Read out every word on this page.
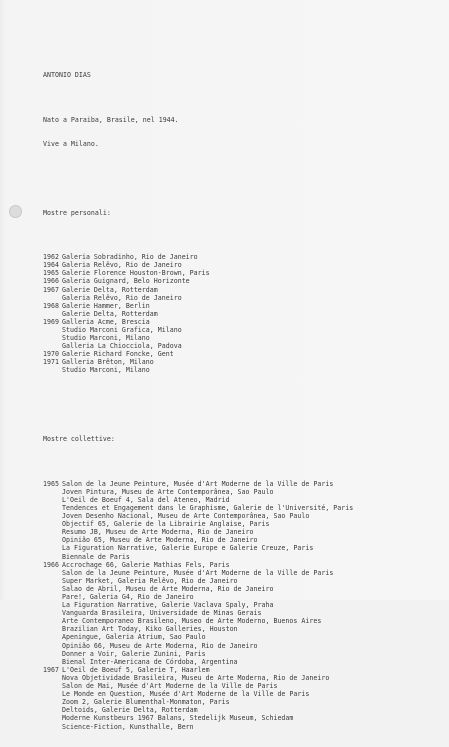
ANTONIO DIAS

Nato a Paraiba, Brasile, nel 1944.

Vive a Milano.

Mostre personali:

1962 Galeria Sobradinho, Rio de Janeiro
1964 Galeria Relêvo, Rio de Janeiro
1965 Galerie Florence Houston-Brown, Paris
1966 Galeria Guignard, Belo Horizonte
1967 Galerie Delta, Rotterdam
Galeria Relêvo, Rio de Janeiro
1968 Galerie Hammer, Berlin
Galerie Delta, Rotterdam
1969 Galleria Acme, Brescia
Studio Marconi Grafica, Milano
Studio Marconi, Milano
Galleria La Chiocciola, Padova
1970 Galerie Richard Foncke, Gent
1971 Galleria Brêton, Milano
Studio Marconi, Milano

Mostre collettive:

1965 Salon de la Jeune Peinture, Musée d'Art Moderne de la Ville de Paris
Joven Pintura, Museu de Arte Contemporânea, Sao Paulo
L'Oeil de Boeuf 4, Sala del Ateneo, Madrid
Tendences et Engagement dans le Graphisme, Galerie de l'Université, Paris
Joven Desenho Nacional, Museu de Arte Contemporânea, Sao Paulo
Objectif 65, Galerie de la Librairie Anglaise, Paris
Resumo JB, Museu de Arte Moderna, Rio de Janeiro
Opinião 65, Museu de Arte Moderna, Rio de Janeiro
La Figuration Narrative, Galerie Europe e Galerie Creuze, Paris
Biennale de Paris
1966 Accrochage 66, Galerie Mathias Fels, Paris
Salon de la Jeune Peinture, Musée d'Art Moderne de la Ville de Paris
Super Market, Galeria Relêvo, Rio de Janeiro
Salao de Abril, Museu de Arte Moderna, Rio de Janeiro
Pare!, Galeria G4, Rio de Janeiro
La Figuration Narrative, Galerie Vaclava Spaly, Praha
Vanguarda Brasileira, Universidade de Minas Gerais
Arte Contemporaneo Brasileno, Museo de Arte Moderno, Buenos Aires
Brazilian Art Today, Kiko Galleries, Houston
Apeningue, Galeria Atrium, Sao Paulo
Opinião 66, Museu de Arte Moderna, Rio de Janeiro
Donner a Voir, Galerie Zunini, Paris
Bienal Inter-Americana de Córdoba, Argentina
1967 L'Oeil de Boeuf 5, Galerie T, Haarlem
Nova Objetividade Brasileira, Museu de Arte Moderna, Rio de Janeiro
Salon de Mai, Musée d'Art Moderne de la Ville de Paris
Le Monde en Question, Musée d'Art Moderne de la Ville de Paris
Zoom 2, Galerie Blumenthal-Monmaton, Paris
Deltoids, Galerie Delta, Rotterdam
Moderne Kunstbeurs 1967 Balans, Stedelijk Museum, Schiedam
Science-Fiction, Kunsthalle, Bern
